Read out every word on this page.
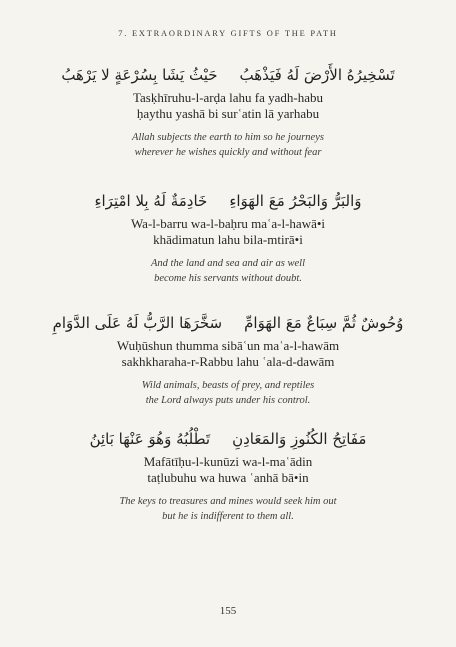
7. EXTRAORDINARY GIFTS OF THE PATH
تَسْخِيرُهُ الأَرْضَ لَهُ فَيَذْهَبُحَيْثُ يَشَا بِسُرْعَةٍ لا يَرْهَبُ
Tasḳhīruhu-l-arḍa lahu fa yadh-habu
ḥaythu yashā bi surʿatin lā yarhabu
Allah subjects the earth to him so he journeys
wherever he wishes quickly and without fear
وَالبَرُّ وَالبَحْرُ مَعَ الهَوَاءِخَادِمَةٌ لَهُ بِلا امْتِرَاءِ
Wa-l-barru wa-l-baḥru maʿa-l-hawā•i
khādimatun lahu bila-mtirā•i
And the land and sea and air as well
become his servants without doubt.
وُحُوشٌ ثُمَّ سِبَاعٌ مَعَ الهَوَامِّسَخَّرَهَا الرَّبُّ لَهُ عَلَى الدَّوَامِ
Wuḥūshun thumma sibāʿun maʿa-l-hawām
sakhkharaha-r-Rabbu lahu ʿala-d-dawām
Wild animals, beasts of prey, and reptiles
the Lord always puts under his control.
مَفَاتِحُ الكُنُوزِ وَالمَعَادِنِتَطْلُبُهُ وَهُوَ عَنْهَا بَائِنُ
Mafātīḥu-l-kunūzi wa-l-maʿādin
taṭlubuhu wa huwa ʿanhā bā•in
The keys to treasures and mines would seek him out
but he is indifferent to them all.
155
